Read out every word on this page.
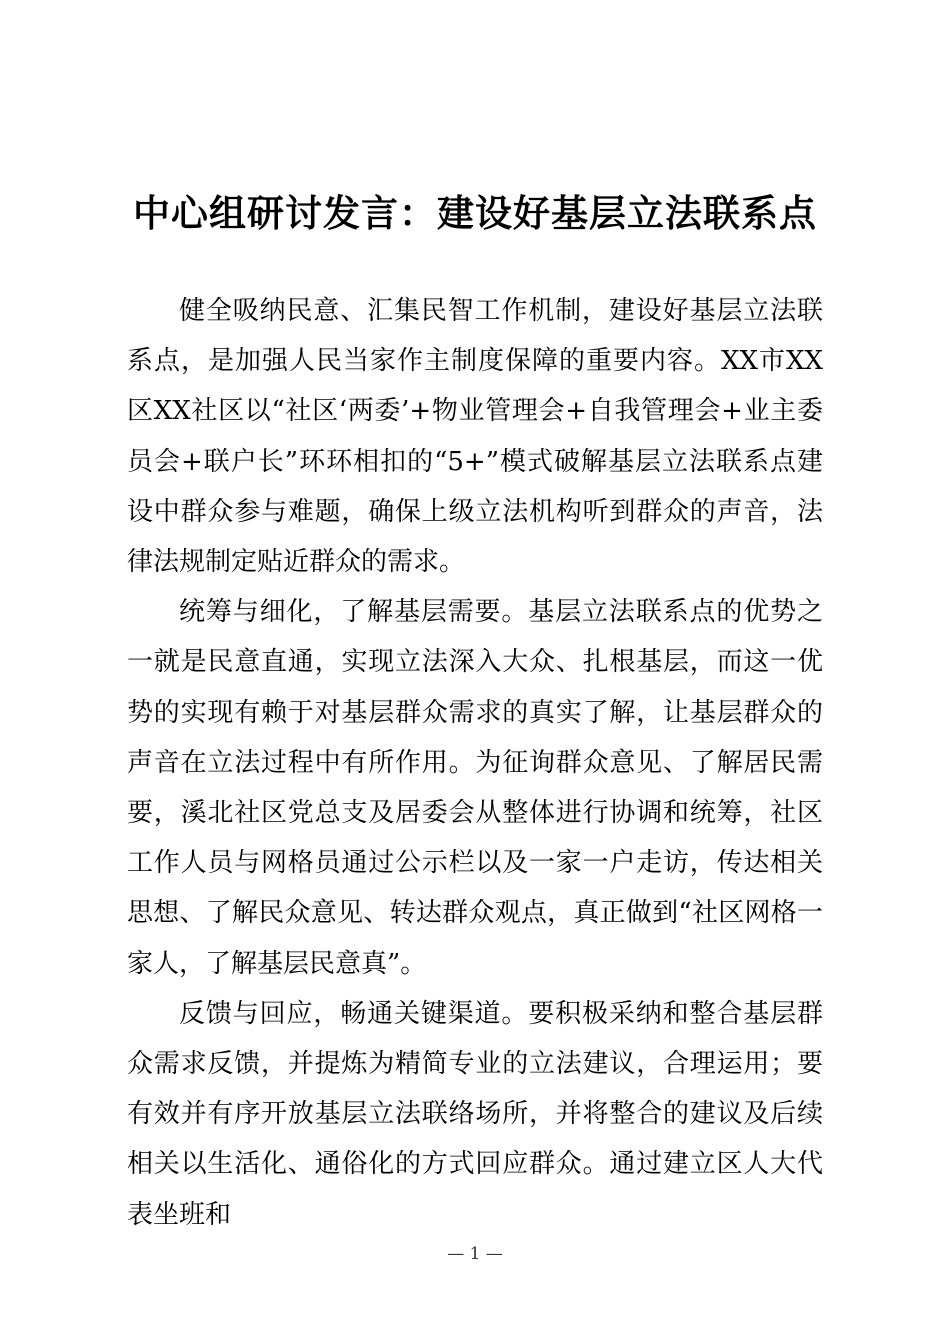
中心组研讨发言：建设好基层立法联系点

健全吸纳民意、汇集民智工作机制，建设好基层立法联系点，是加强人民当家作主制度保障的重要内容。XX市XX区XX社区以“社区‘两委’+物业管理会+自我管理会+业主委员会+联户长”环环相扣的“5+”模式破解基层立法联系点建设中群众参与难题，确保上级立法机构听到群众的声音，法律法规制定贴近群众的需求。

统筹与细化，了解基层需要。基层立法联系点的优势之一就是民意直通，实现立法深入大众、扎根基层，而这一优势的实现有赖于对基层群众需求的真实了解，让基层群众的声音在立法过程中有所作用。为征询群众意见、了解居民需要，溪北社区党总支及居委会从整体进行协调和统筹，社区工作人员与网格员通过公示栏以及一家一户走访，传达相关思想、了解民众意见、转达群众观点，真正做到“社区网格一家人，了解基层民意真”。

反馈与回应，畅通关键渠道。要积极采纳和整合基层群众需求反馈，并提炼为精简专业的立法建议，合理运用；要有效并有序开放基层立法联络场所，并将整合的建议及后续相关以生活化、通俗化的方式回应群众。通过建立区人大代表坐班和

— 1 —
